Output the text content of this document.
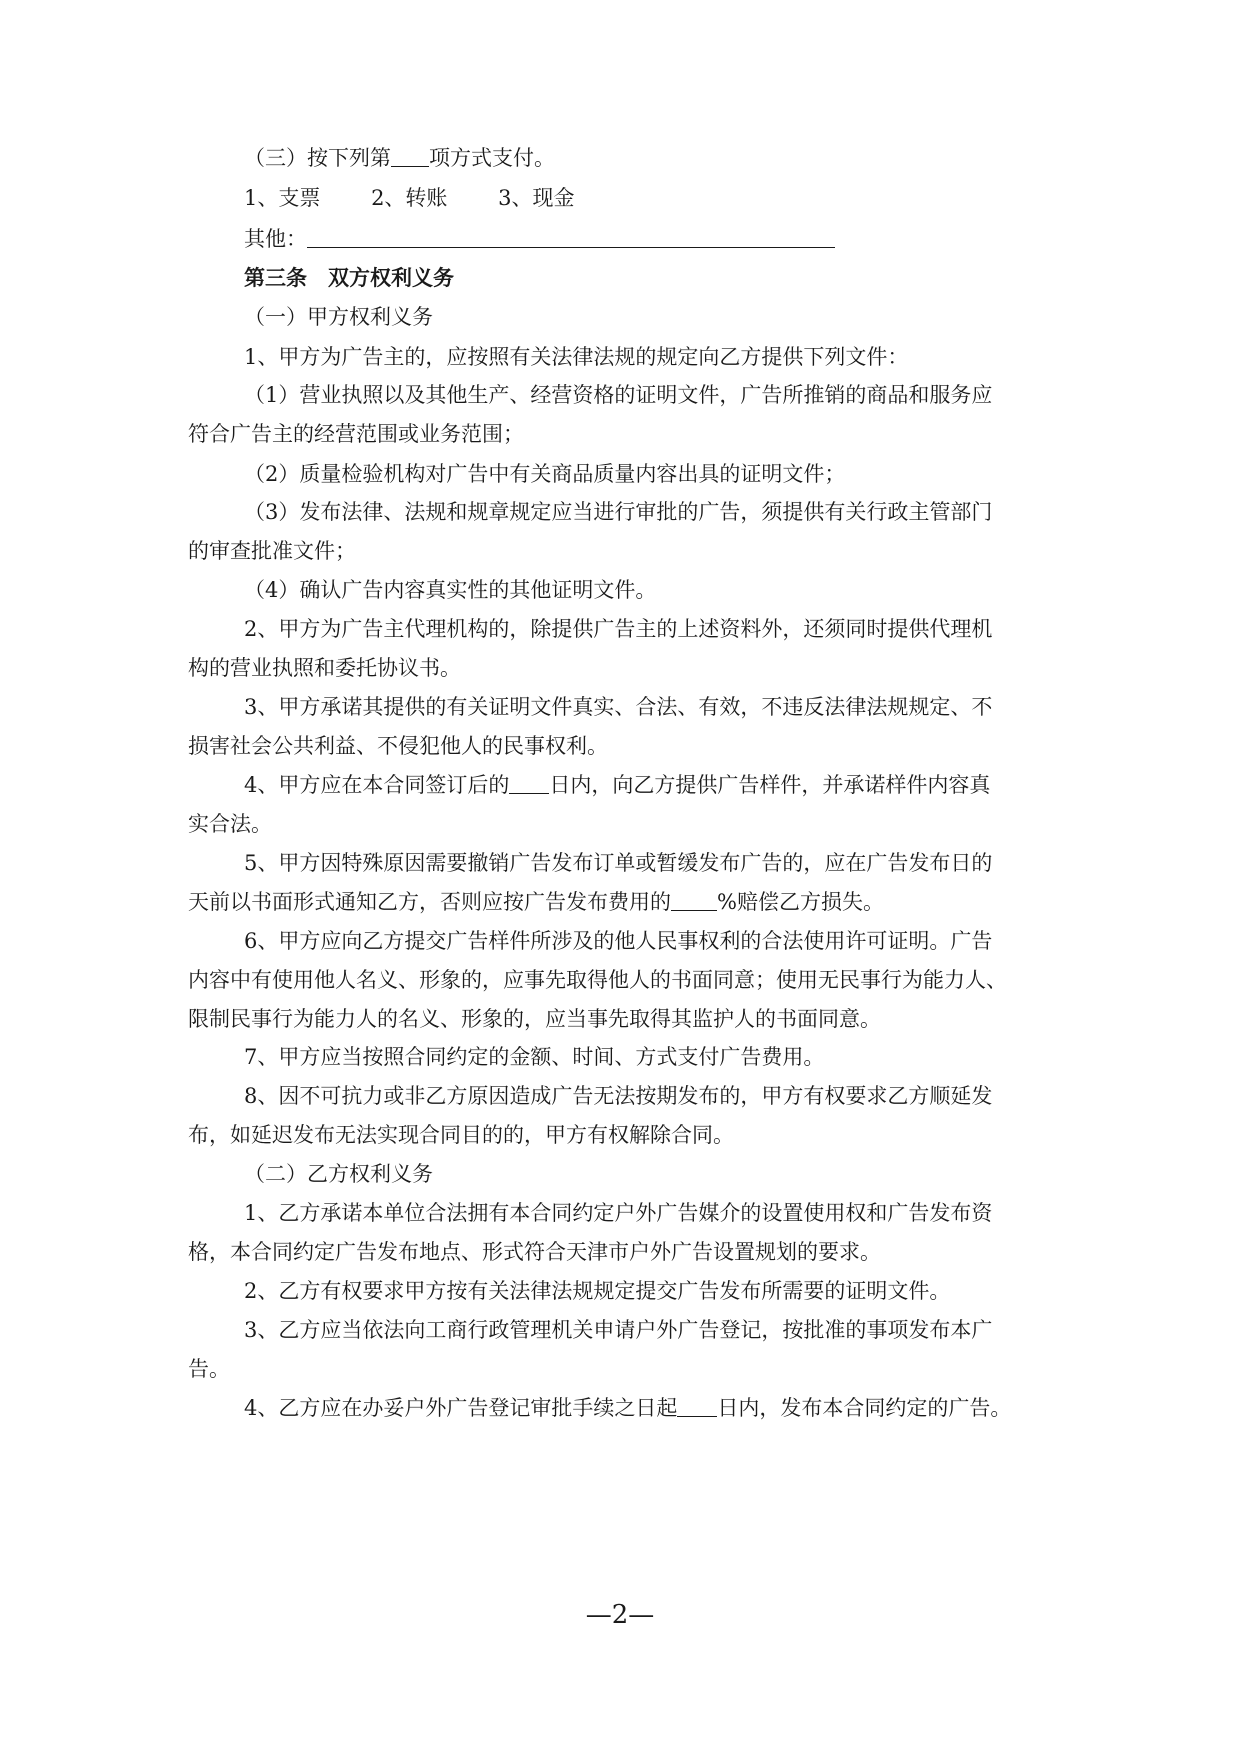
（三）按下列第 项方式支付。
1、支票 2、转账 3、现金
其他：
第三条　双方权利义务
（一）甲方权利义务
1、甲方为广告主的，应按照有关法律法规的规定向乙方提供下列文件：
（1）营业执照以及其他生产、经营资格的证明文件，广告所推销的商品和服务应
符合广告主的经营范围或业务范围；
（2）质量检验机构对广告中有关商品质量内容出具的证明文件；
（3）发布法律、法规和规章规定应当进行审批的广告，须提供有关行政主管部门
的审查批准文件；
（4）确认广告内容真实性的其他证明文件。
2、甲方为广告主代理机构的，除提供广告主的上述资料外，还须同时提供代理机
构的营业执照和委托协议书。
3、甲方承诺其提供的有关证明文件真实、合法、有效，不违反法律法规规定、不
损害社会公共利益、不侵犯他人的民事权利。
4、甲方应在本合同签订后的 日内，向乙方提供广告样件，并承诺样件内容真
实合法。
5、甲方因特殊原因需要撤销广告发布订单或暂缓发布广告的，应在广告发布日的
天前以书面形式通知乙方，否则应按广告发布费用的 %赔偿乙方损失。
6、甲方应向乙方提交广告样件所涉及的他人民事权利的合法使用许可证明。广告
内容中有使用他人名义、形象的，应事先取得他人的书面同意；使用无民事行为能力人、
限制民事行为能力人的名义、形象的，应当事先取得其监护人的书面同意。
7、甲方应当按照合同约定的金额、时间、方式支付广告费用。
8、因不可抗力或非乙方原因造成广告无法按期发布的，甲方有权要求乙方顺延发
布，如延迟发布无法实现合同目的的，甲方有权解除合同。
（二）乙方权利义务
1、乙方承诺本单位合法拥有本合同约定户外广告媒介的设置使用权和广告发布资
格，本合同约定广告发布地点、形式符合天津市户外广告设置规划的要求。
2、乙方有权要求甲方按有关法律法规规定提交广告发布所需要的证明文件。
3、乙方应当依法向工商行政管理机关申请户外广告登记，按批准的事项发布本广
告。
4、乙方应在办妥户外广告登记审批手续之日起 日内，发布本合同约定的广告。
—2—
